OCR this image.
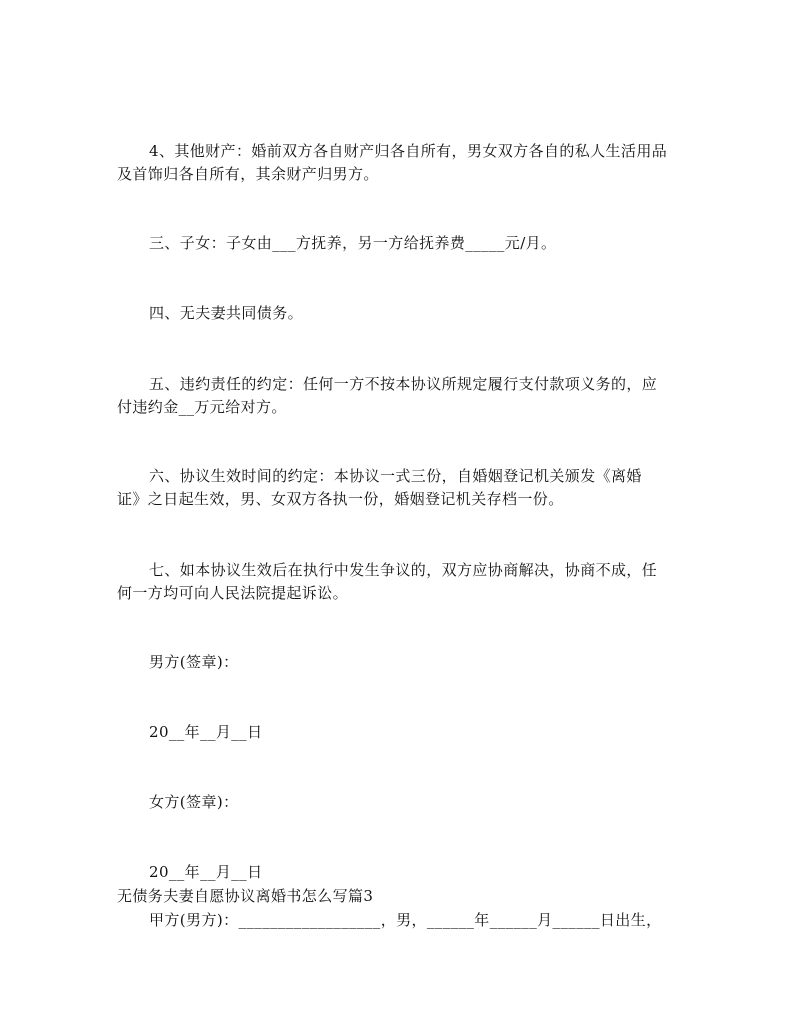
4、其他财产：婚前双方各自财产归各自所有，男女双方各自的私人生活用品
及首饰归各自所有，其余财产归男方。
三、子女：子女由___方抚养，另一方给抚养费_____元/月。
四、无夫妻共同债务。
五、违约责任的约定：任何一方不按本协议所规定履行支付款项义务的，应
付违约金__万元给对方。
六、协议生效时间的约定：本协议一式三份，自婚姻登记机关颁发《离婚
证》之日起生效，男、女双方各执一份，婚姻登记机关存档一份。
七、如本协议生效后在执行中发生争议的，双方应协商解决，协商不成，任
何一方均可向人民法院提起诉讼。
男方(签章)：
20__年__月__日
女方(签章)：
20__年__月__日
无债务夫妻自愿协议离婚书怎么写篇3
甲方(男方)：__________________，男，______年______月______日出生，
